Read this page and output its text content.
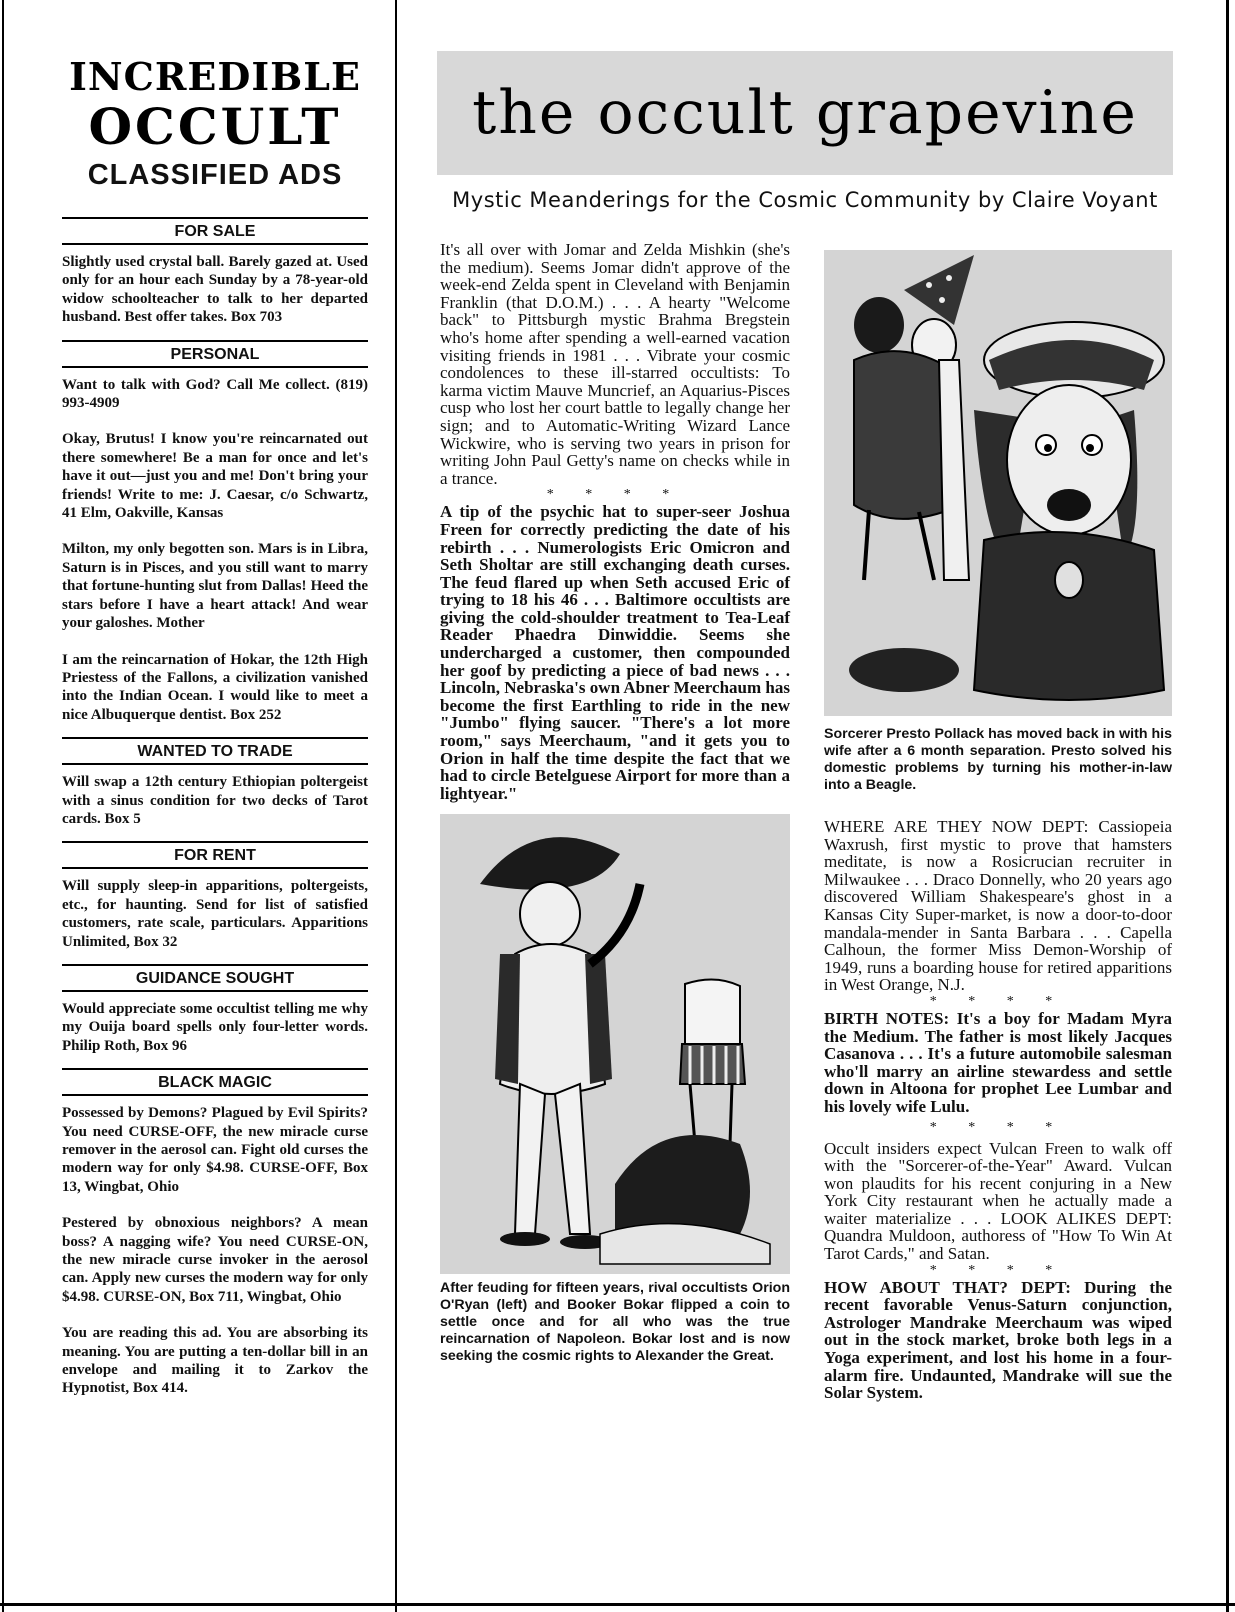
INCREDIBLE
OCCULT
CLASSIFIED ADS
FOR SALE

Slightly used crystal ball. Barely gazed at. Used only for an hour each Sunday by a 78-year-old widow schoolteacher to talk to her departed husband. Best offer takes. Box 703

PERSONAL

Want to talk with God? Call Me collect. (819) 993-4909

Okay, Brutus! I know you're reincarnated out there somewhere! Be a man for once and let's have it out—just you and me! Don't bring your friends! Write to me: J. Caesar, c/o Schwartz, 41 Elm, Oakville, Kansas

Milton, my only begotten son. Mars is in Libra, Saturn is in Pisces, and you still want to marry that fortune-hunting slut from Dallas! Heed the stars before I have a heart attack! And wear your galoshes. Mother

I am the reincarnation of Hokar, the 12th High Priestess of the Fallons, a civilization vanished into the Indian Ocean. I would like to meet a nice Albuquerque dentist. Box 252

WANTED TO TRADE

Will swap a 12th century Ethiopian poltergeist with a sinus condition for two decks of Tarot cards. Box 5

FOR RENT

Will supply sleep-in apparitions, poltergeists, etc., for haunting. Send for list of satisfied customers, rate scale, particulars. Apparitions Unlimited, Box 32

GUIDANCE SOUGHT

Would appreciate some occultist telling me why my Ouija board spells only four-letter words. Philip Roth, Box 96

BLACK MAGIC

Possessed by Demons? Plagued by Evil Spirits? You need CURSE-OFF, the new miracle curse remover in the aerosol can. Fight old curses the modern way for only $4.98. CURSE-OFF, Box 13, Wingbat, Ohio

Pestered by obnoxious neighbors? A mean boss? A nagging wife? You need CURSE-ON, the new miracle curse invoker in the aerosol can. Apply new curses the modern way for only $4.98. CURSE-ON, Box 711, Wingbat, Ohio

You are reading this ad. You are absorbing its meaning. You are putting a ten-dollar bill in an envelope and mailing it to Zarkov the Hypnotist, Box 414.

the occult grapevine
Mystic Meanderings for the Cosmic Community by Claire Voyant

It's all over with Jomar and Zelda Mishkin (she's the medium). Seems Jomar didn't approve of the week-end Zelda spent in Cleveland with Benjamin Franklin (that D.O.M.) . . . A hearty "Welcome back" to Pittsburgh mystic Brahma Bregstein who's home after spending a well-earned vacation visiting friends in 1981 . . . Vibrate your cosmic condolences to these ill-starred occultists: To karma victim Mauve Muncrief, an Aquarius-Pisces cusp who lost her court battle to legally change her sign; and to Automatic-Writing Wizard Lance Wickwire, who is serving two years in prison for writing John Paul Getty's name on checks while in a trance.

* * * *

A tip of the psychic hat to super-seer Joshua Freen for correctly predicting the date of his rebirth . . . Numerologists Eric Omicron and Seth Sholtar are still exchanging death curses. The feud flared up when Seth accused Eric of trying to 18 his 46 . . . Baltimore occultists are giving the cold-shoulder treatment to Tea-Leaf Reader Phaedra Dinwiddie. Seems she undercharged a customer, then compounded her goof by predicting a piece of bad news . . . Lincoln, Nebraska's own Abner Meerchaum has become the first Earthling to ride in the new "Jumbo" flying saucer. "There's a lot more room," says Meerchaum, "and it gets you to Orion in half the time despite the fact that we had to circle Betelguese Airport for more than a lightyear."

After feuding for fifteen years, rival occultists Orion O'Ryan (left) and Booker Bokar flipped a coin to settle once and for all who was the true reincarnation of Napoleon. Bokar lost and is now seeking the cosmic rights to Alexander the Great.

Sorcerer Presto Pollack has moved back in with his wife after a 6 month separation. Presto solved his domestic problems by turning his mother-in-law into a Beagle.

WHERE ARE THEY NOW DEPT: Cassiopeia Waxrush, first mystic to prove that hamsters meditate, is now a Rosicrucian recruiter in Milwaukee . . . Draco Donnelly, who 20 years ago discovered William Shakespeare's ghost in a Kansas City Super-market, is now a door-to-door mandala-mender in Santa Barbara . . . Capella Calhoun, the former Miss Demon-Worship of 1949, runs a boarding house for retired apparitions in West Orange, N.J.

* * * *

BIRTH NOTES: It's a boy for Madam Myra the Medium. The father is most likely Jacques Casanova . . . It's a future automobile salesman who'll marry an airline stewardess and settle down in Altoona for prophet Lee Lumbar and his lovely wife Lulu.

* * * *

Occult insiders expect Vulcan Freen to walk off with the "Sorcerer-of-the-Year" Award. Vulcan won plaudits for his recent conjuring in a New York City restaurant when he actually made a waiter materialize . . . LOOK ALIKES DEPT: Quandra Muldoon, authoress of "How To Win At Tarot Cards," and Satan.

* * * *

HOW ABOUT THAT? DEPT: During the recent favorable Venus-Saturn conjunction, Astrologer Mandrake Meerchaum was wiped out in the stock market, broke both legs in a Yoga experiment, and lost his home in a four-alarm fire. Undaunted, Mandrake will sue the Solar System.
